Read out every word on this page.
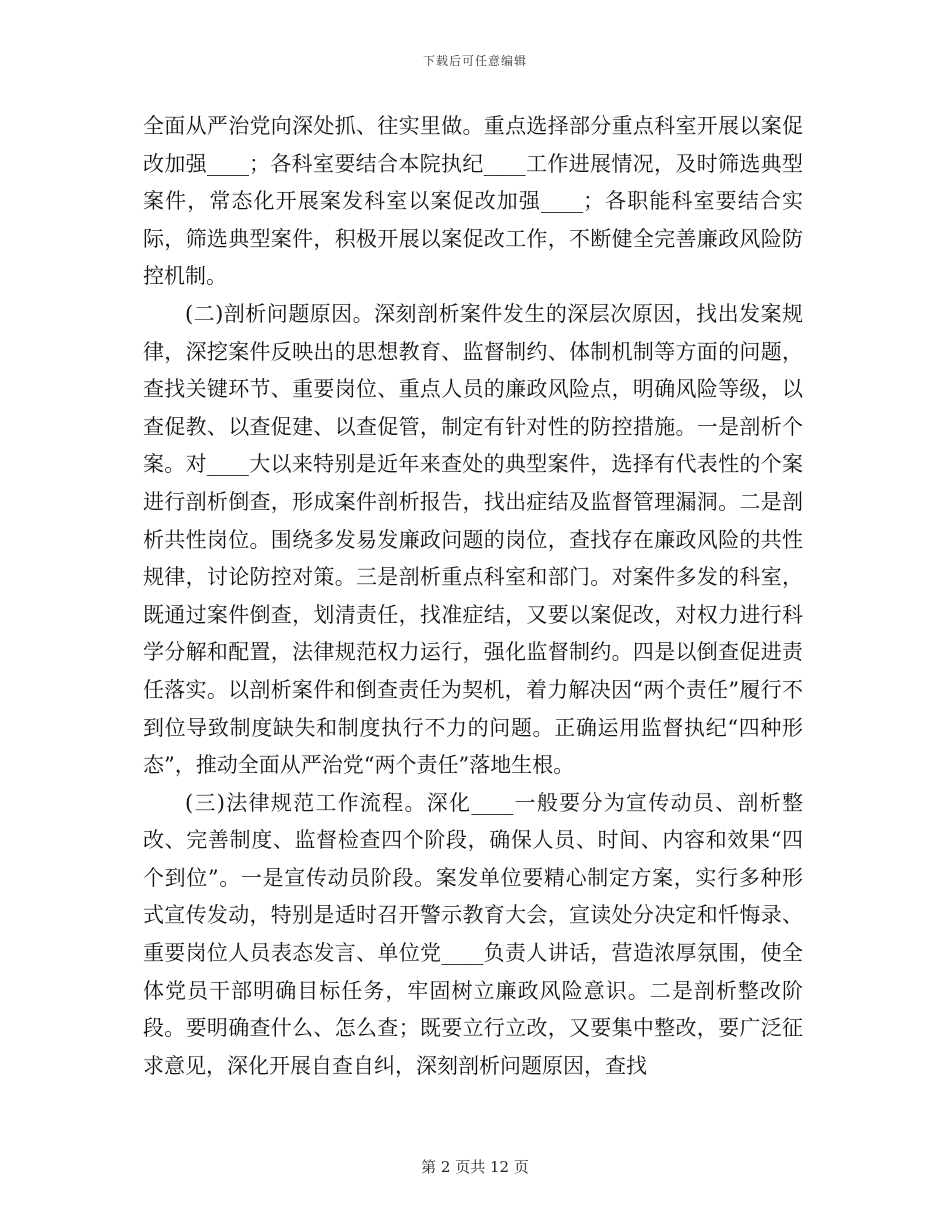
下载后可任意编辑

全面从严治党向深处抓、往实里做。重点选择部分重点科室开展以案促改加强____；各科室要结合本院执纪____工作进展情况，及时筛选典型案件，常态化开展案发科室以案促改加强____；各职能科室要结合实际，筛选典型案件，积极开展以案促改工作，不断健全完善廉政风险防控机制。

(二)剖析问题原因。深刻剖析案件发生的深层次原因，找出发案规律，深挖案件反映出的思想教育、监督制约、体制机制等方面的问题，查找关键环节、重要岗位、重点人员的廉政风险点，明确风险等级，以查促教、以查促建、以查促管，制定有针对性的防控措施。一是剖析个案。对____大以来特别是近年来查处的典型案件，选择有代表性的个案进行剖析倒查，形成案件剖析报告，找出症结及监督管理漏洞。二是剖析共性岗位。围绕多发易发廉政问题的岗位，查找存在廉政风险的共性规律，讨论防控对策。三是剖析重点科室和部门。对案件多发的科室，既通过案件倒查，划清责任，找准症结，又要以案促改，对权力进行科学分解和配置，法律规范权力运行，强化监督制约。四是以倒查促进责任落实。以剖析案件和倒查责任为契机，着力解决因“两个责任”履行不到位导致制度缺失和制度执行不力的问题。正确运用监督执纪“四种形态”，推动全面从严治党“两个责任”落地生根。

(三)法律规范工作流程。深化____一般要分为宣传动员、剖析整改、完善制度、监督检查四个阶段，确保人员、时间、内容和效果“四个到位”。一是宣传动员阶段。案发单位要精心制定方案，实行多种形式宣传发动，特别是适时召开警示教育大会，宣读处分决定和忏悔录、重要岗位人员表态发言、单位党____负责人讲话，营造浓厚氛围，使全体党员干部明确目标任务，牢固树立廉政风险意识。二是剖析整改阶段。要明确查什么、怎么查；既要立行立改，又要集中整改，要广泛征求意见，深化开展自查自纠，深刻剖析问题原因，查找

第 2 页共 12 页
